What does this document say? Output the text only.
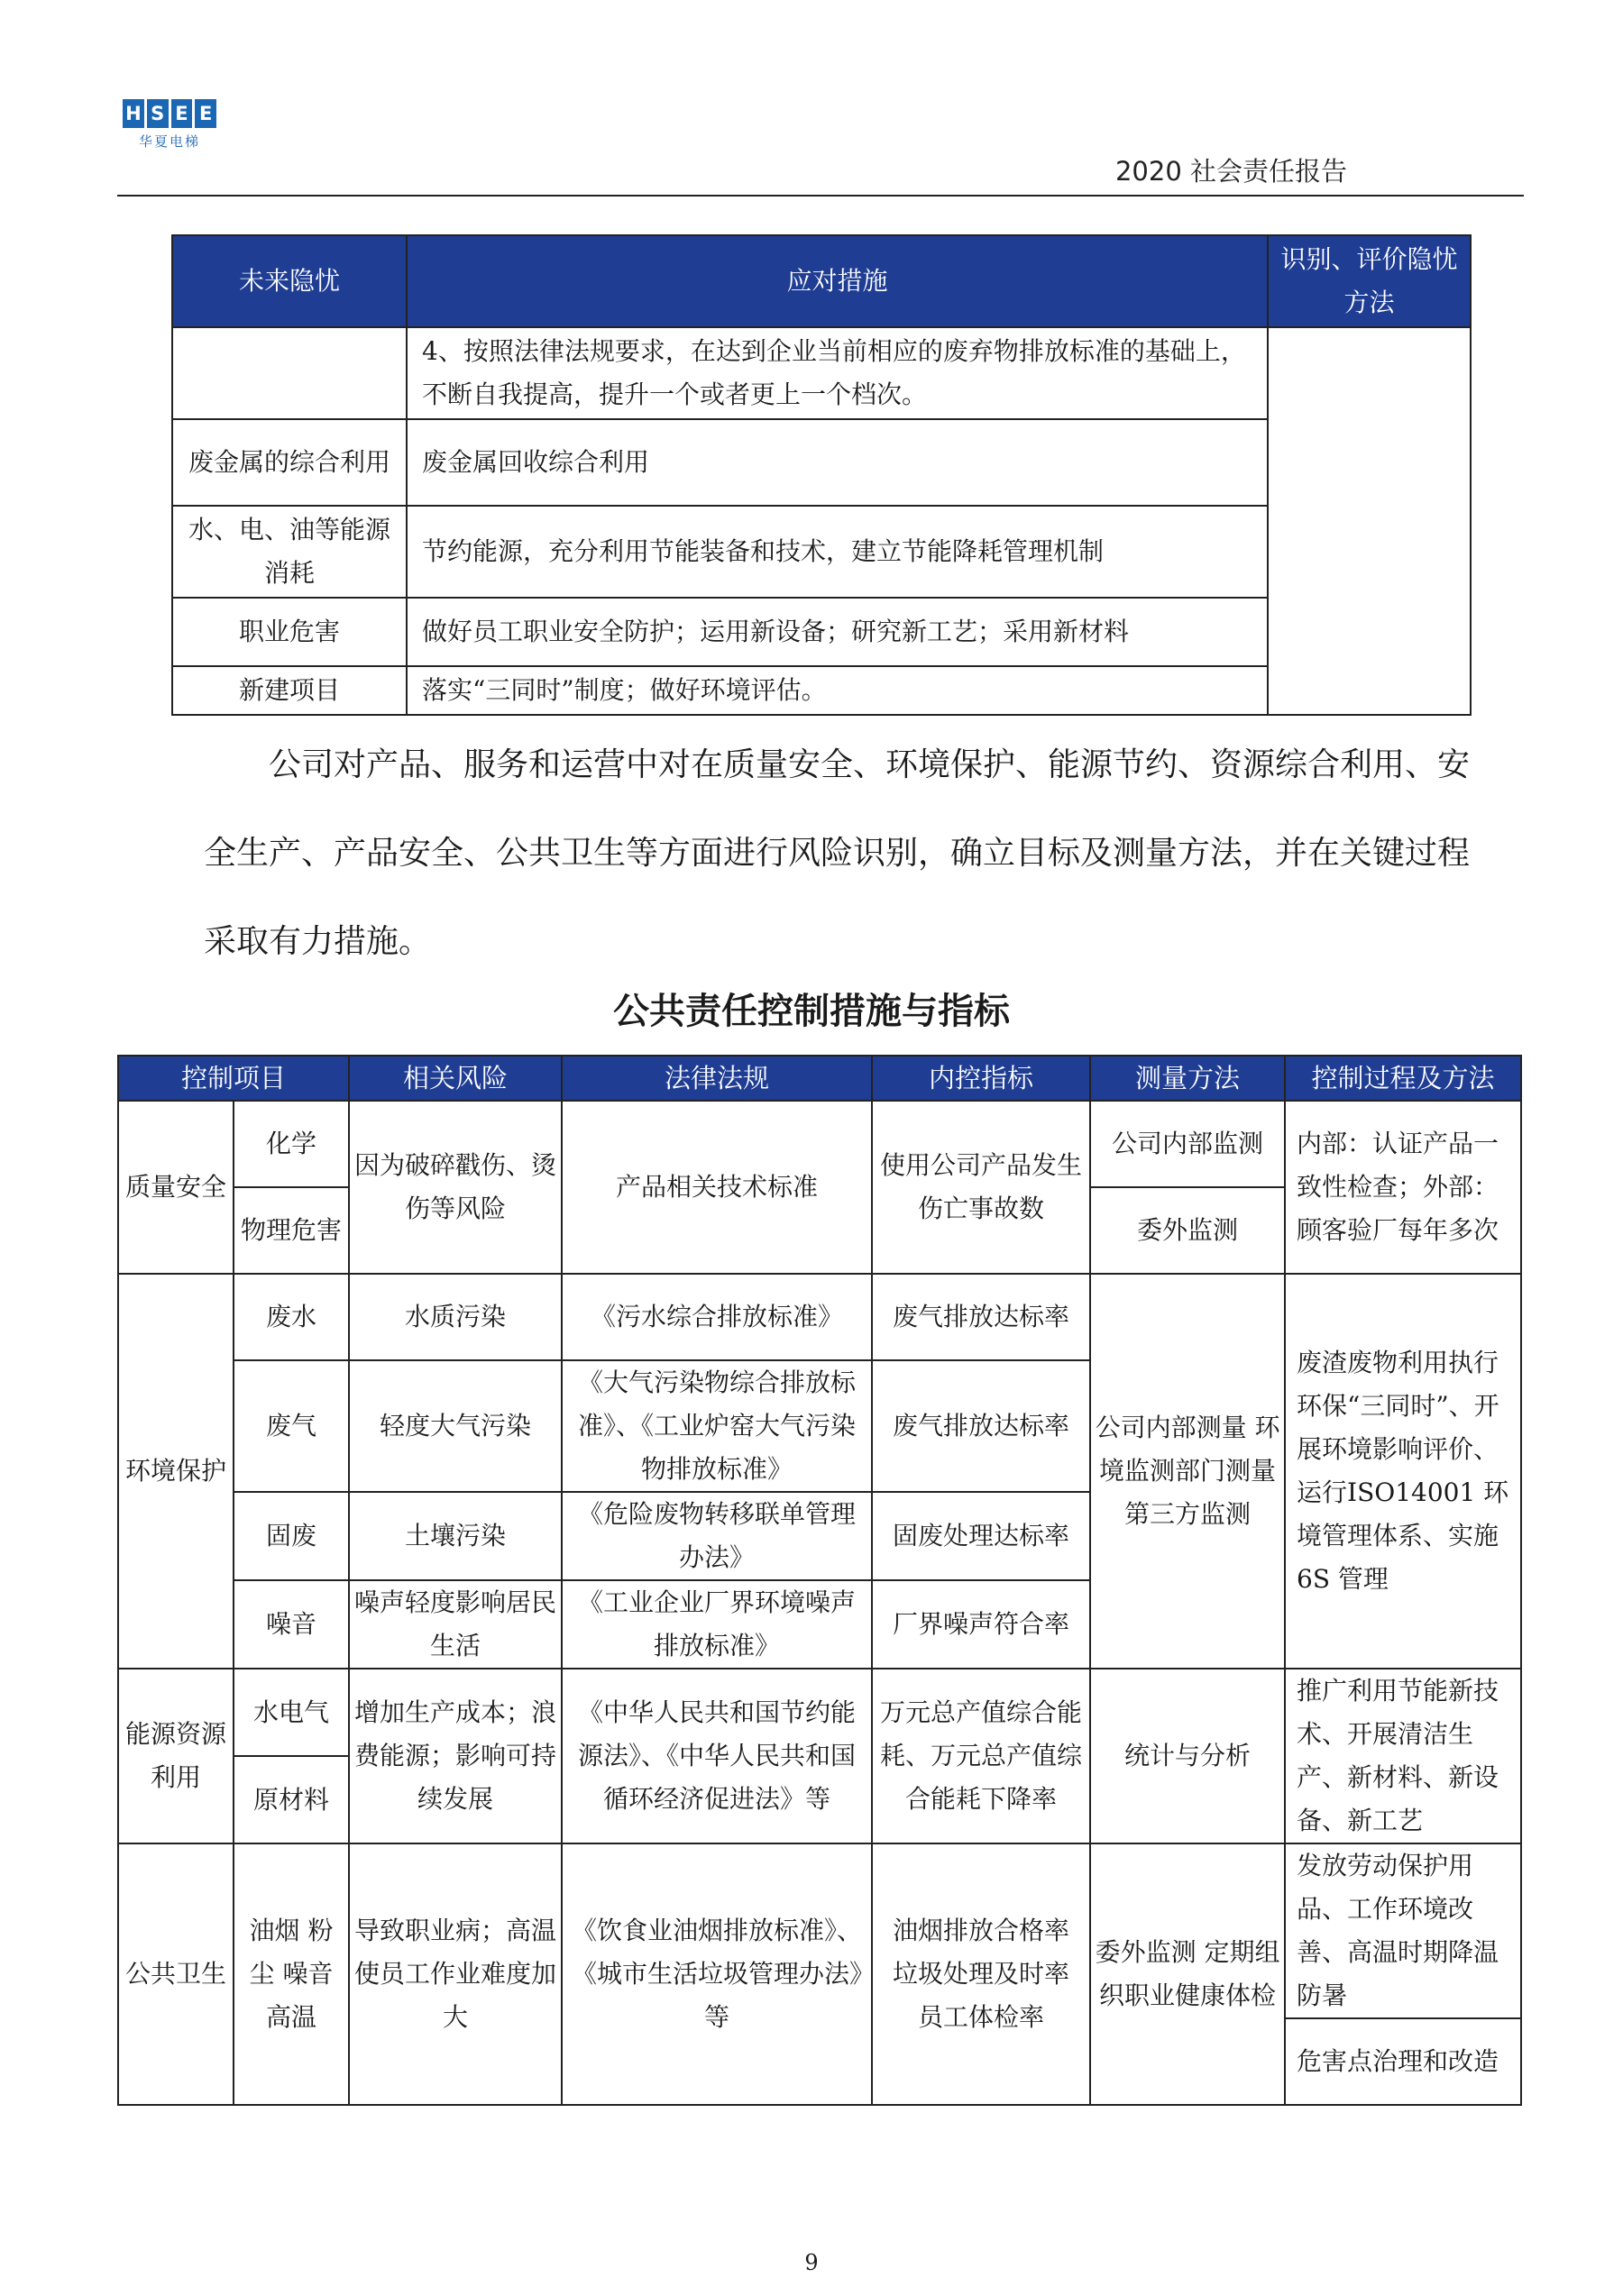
H S E E
华夏电梯
2020 社会责任报告
未来隐忧	应对措施	识别、评价隐忧方法
	4、按照法律法规要求，在达到企业当前相应的废弃物排放标准的基础上，不断自我提高，提升一个或者更上一个档次。	
废金属的综合利用	废金属回收综合利用	
水、电、油等能源消耗	节约能源，充分利用节能装备和技术，建立节能降耗管理机制	
职业危害	做好员工职业安全防护；运用新设备；研究新工艺；采用新材料	
新建项目	落实“三同时”制度；做好环境评估。	
公司对产品、服务和运营中对在质量安全、环境保护、能源节约、资源综合利用、安全生产、产品安全、公共卫生等方面进行风险识别，确立目标及测量方法，并在关键过程采取有力措施。
公共责任控制措施与指标
控制项目		相关风险	法律法规	内控指标	测量方法	控制过程及方法
质量安全	化学	因为破碎戳伤、烫伤等风险	产品相关技术标准	使用公司产品发生伤亡事故数	公司内部监测	内部：认证产品一致性检查；外部：顾客验厂每年多次
	物理危害				委外监测	
环境保护	废水	水质污染	《污水综合排放标准》	废气排放达标率	公司内部测量 环境监测部门测量 第三方监测	废渣废物利用执行环保“三同时”、开展环境影响评价、运行ISO14001 环境管理体系、实施6S 管理
	废气	轻度大气污染	《大气污染物综合排放标准》、《工业炉窑大气污染物排放标准》	废气排放达标率		
	固废	土壤污染	《危险废物转移联单管理办法》	固废处理达标率		
	噪音	噪声轻度影响居民生活	《工业企业厂界环境噪声排放标准》	厂界噪声符合率		
能源资源利用	水电气	增加生产成本；浪费能源；影响可持续发展	《中华人民共和国节约能源法》、《中华人民共和国循环经济促进法》等	万元总产值综合能耗、万元总产值综合能耗下降率	统计与分析	推广利用节能新技术、开展清洁生产、新材料、新设备、新工艺
	原材料					
公共卫生	油烟 粉尘 噪音 高温	导致职业病；高温使员工作业难度加大	《饮食业油烟排放标准》、《城市生活垃圾管理办法》等	油烟排放合格率 垃圾处理及时率 员工体检率	委外监测 定期组织职业健康体检	发放劳动保护用品、工作环境改善、高温时期降温防暑
						危害点治理和改造
9
